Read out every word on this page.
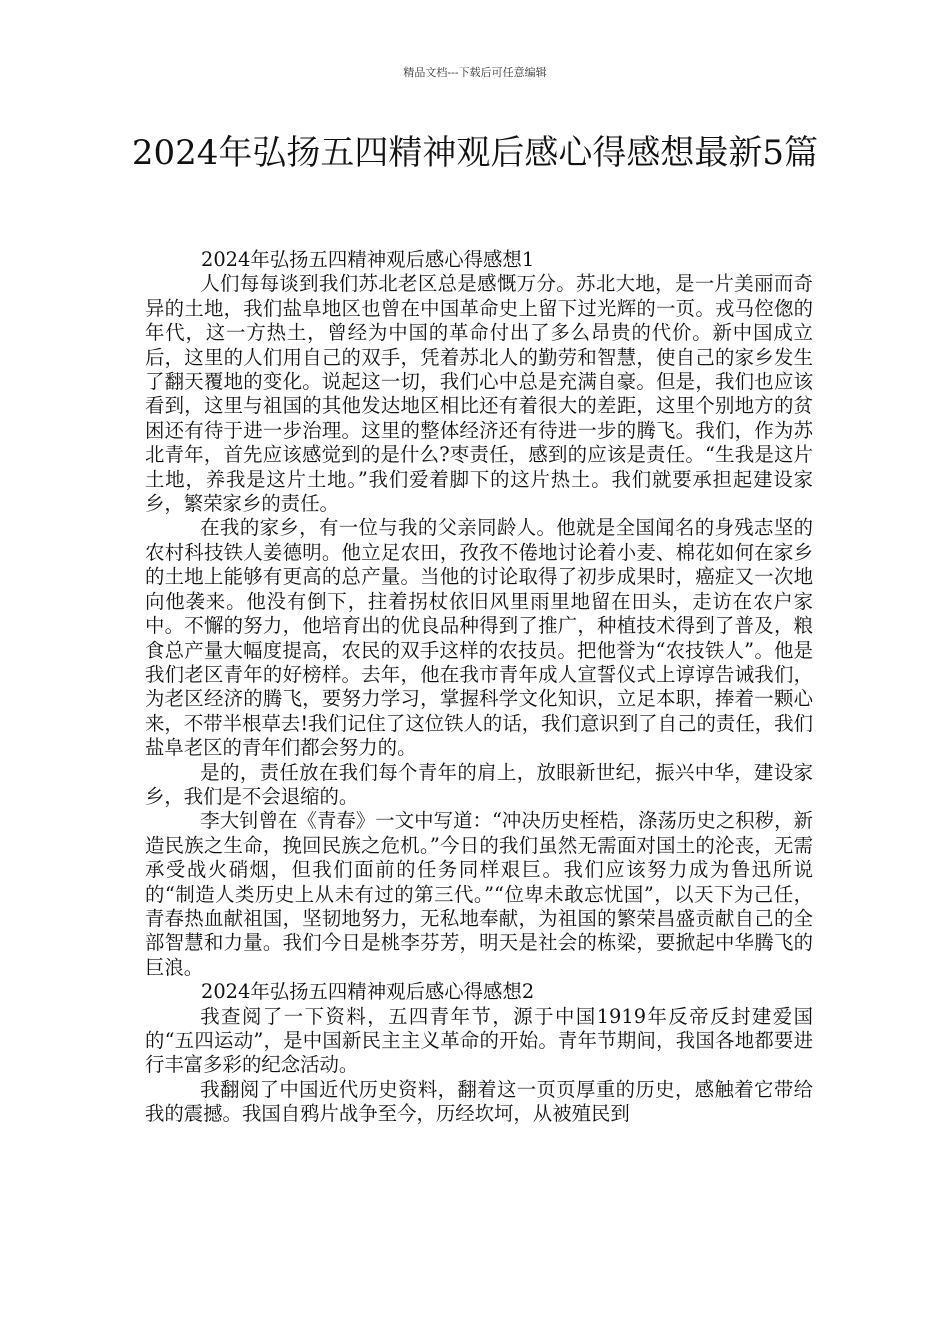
精品文档---下载后可任意编辑
2024年弘扬五四精神观后感心得感想最新5篇

2024年弘扬五四精神观后感心得感想1

人们每每谈到我们苏北老区总是感慨万分。苏北大地，是一片美丽而奇异的土地，我们盐阜地区也曾在中国革命史上留下过光辉的一页。戎马倥偬的年代，这一方热土，曾经为中国的革命付出了多么昂贵的代价。新中国成立后，这里的人们用自己的双手，凭着苏北人的勤劳和智慧，使自己的家乡发生了翻天覆地的变化。说起这一切，我们心中总是充满自豪。但是，我们也应该看到，这里与祖国的其他发达地区相比还有着很大的差距，这里个别地方的贫困还有待于进一步治理。这里的整体经济还有待进一步的腾飞。我们，作为苏北青年，首先应该感觉到的是什么?枣责任，感到的应该是责任。“生我是这片土地，养我是这片土地。”我们爱着脚下的这片热土。我们就要承担起建设家乡，繁荣家乡的责任。

在我的家乡，有一位与我的父亲同龄人。他就是全国闻名的身残志坚的农村科技铁人姜德明。他立足农田，孜孜不倦地讨论着小麦、棉花如何在家乡的土地上能够有更高的总产量。当他的讨论取得了初步成果时，癌症又一次地向他袭来。他没有倒下，拄着拐杖依旧风里雨里地留在田头，走访在农户家中。不懈的努力，他培育出的优良品种得到了推广，种植技术得到了普及，粮食总产量大幅度提高，农民的双手这样的农技员。把他誉为“农技铁人”。他是我们老区青年的好榜样。去年，他在我市青年成人宣誓仪式上谆谆告诫我们，为老区经济的腾飞，要努力学习，掌握科学文化知识，立足本职，捧着一颗心来，不带半根草去!我们记住了这位铁人的话，我们意识到了自己的责任，我们盐阜老区的青年们都会努力的。

是的，责任放在我们每个青年的肩上，放眼新世纪，振兴中华，建设家乡，我们是不会退缩的。

李大钊曾在《青春》一文中写道：“冲决历史桎梏，涤荡历史之积秽，新造民族之生命，挽回民族之危机。”今日的我们虽然无需面对国土的沦丧，无需承受战火硝烟，但我们面前的任务同样艰巨。我们应该努力成为鲁迅所说的“制造人类历史上从未有过的第三代。”“位卑未敢忘忧国”，以天下为己任，青春热血献祖国，坚韧地努力，无私地奉献，为祖国的繁荣昌盛贡献自己的全部智慧和力量。我们今日是桃李芬芳，明天是社会的栋梁，要掀起中华腾飞的巨浪。

2024年弘扬五四精神观后感心得感想2

我查阅了一下资料，五四青年节，源于中国1919年反帝反封建爱国的“五四运动”，是中国新民主主义革命的开始。青年节期间，我国各地都要进行丰富多彩的纪念活动。

我翻阅了中国近代历史资料，翻着这一页页厚重的历史，感触着它带给我的震撼。我国自鸦片战争至今，历经坎坷，从被殖民到
